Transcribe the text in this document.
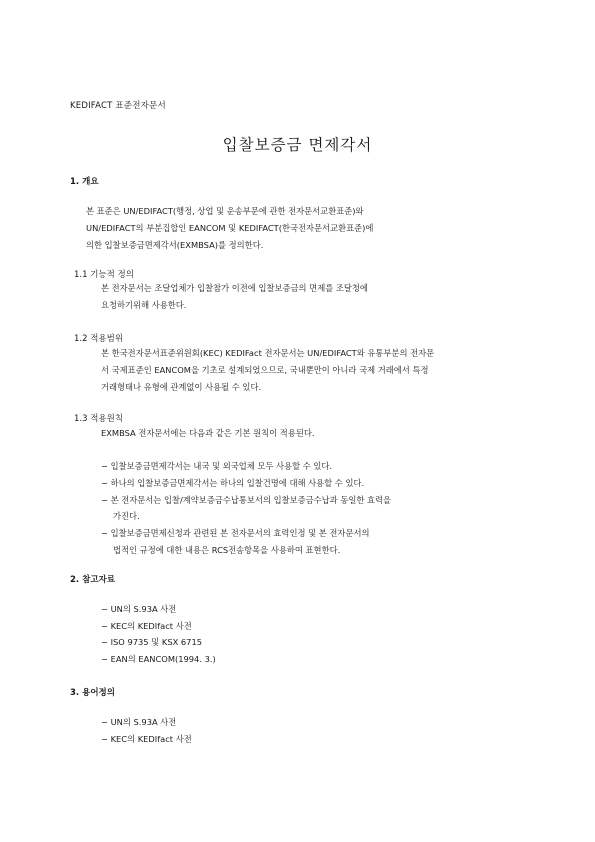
KEDIFACT 표준전자문서
입찰보증금 면제각서
1. 개요
본 표준은 UN/EDIFACT(행정, 상업 및 운송부문에 관한 전자문서교환표준)와
UN/EDIFACT의 부분집합인 EANCOM 및 KEDIFACT(한국전자문서교환표준)에
의한 입찰보증금면제각서(EXMBSA)를 정의한다.
1.1 기능적 정의
본 전자문서는 조달업체가 입찰참가 이전에 입찰보증금의 면제를 조달청에
요청하기위해 사용한다.
1.2 적용범위
본 한국전자문서표준위원회(KEC) KEDIFact 전자문서는 UN/EDIFACT와 유통부분의 전자문
서 국제표준인 EANCOM을 기초로 설계되었으므로, 국내뿐만이 아니라 국제 거래에서 특정
거래형태나 유형에 관계없이 사용될 수 있다.
1.3 적용원칙
EXMBSA 전자문서에는 다음과 같은 기본 원칙이 적용된다.
− 입찰보증금면제각서는 내국 및 외국업체 모두 사용할 수 있다.
− 하나의 입찰보증금면제각서는 하나의 입찰건명에 대해 사용할 수 있다.
− 본 전자문서는 입찰/계약보증금수납통보서의 입찰보증금수납과 동일한 효력을
가진다.
− 입찰보증금면제신청과 관련된 본 전자문서의 효력인정 및 본 전자문서의
법적인 규정에 대한 내용은 RCS전송항목을 사용하여 표현한다.
2. 참고자료
− UN의 S.93A 사전
− KEC의 KEDIfact 사전
− ISO 9735 및 KSX 6715
− EAN의 EANCOM(1994. 3.)
3. 용어정의
− UN의 S.93A 사전
− KEC의 KEDIfact 사전
